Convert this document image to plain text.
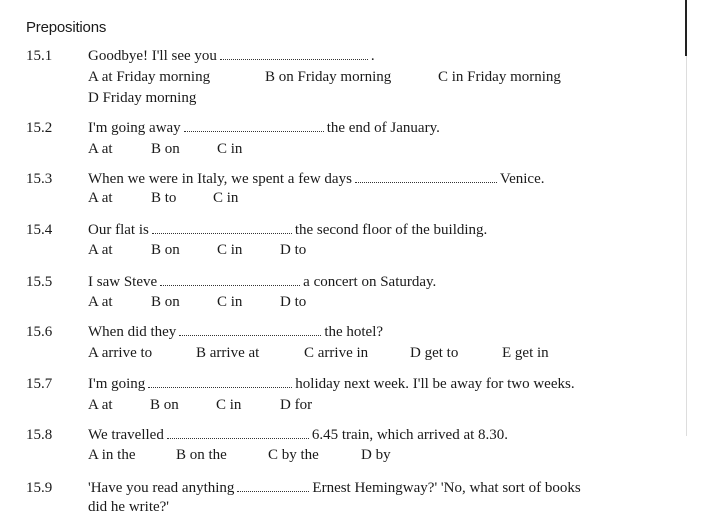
Prepositions
15.1 Goodbye! I'll see you	.
A at Friday morning	B on Friday morning	C in Friday morning
D Friday morning
15.2 I'm going away	the end of January.
A at	B on C in
15.3 When we were in Italy, we spent a few days	Venice.
A at	B to C in
15.4 Our flat is	the second floor of the building.
A at	B on C in	D to
15.5 I saw Steve	a concert on Saturday.
A at	B on C in	D to
15.6 When did they	the hotel?
A arrive to	B arrive at	C arrive in	D get to	E get in
15.7 I'm going	holiday next week. I'll be away for two weeks.
A at B on C in	D for
15.8 We travelled	6.45 train, which arrived at 8.30.
A in the	B on the	C by the	D by
15.9 'Have you read anything	Ernest Hemingway?' 'No, what sort of books
did he write?'
